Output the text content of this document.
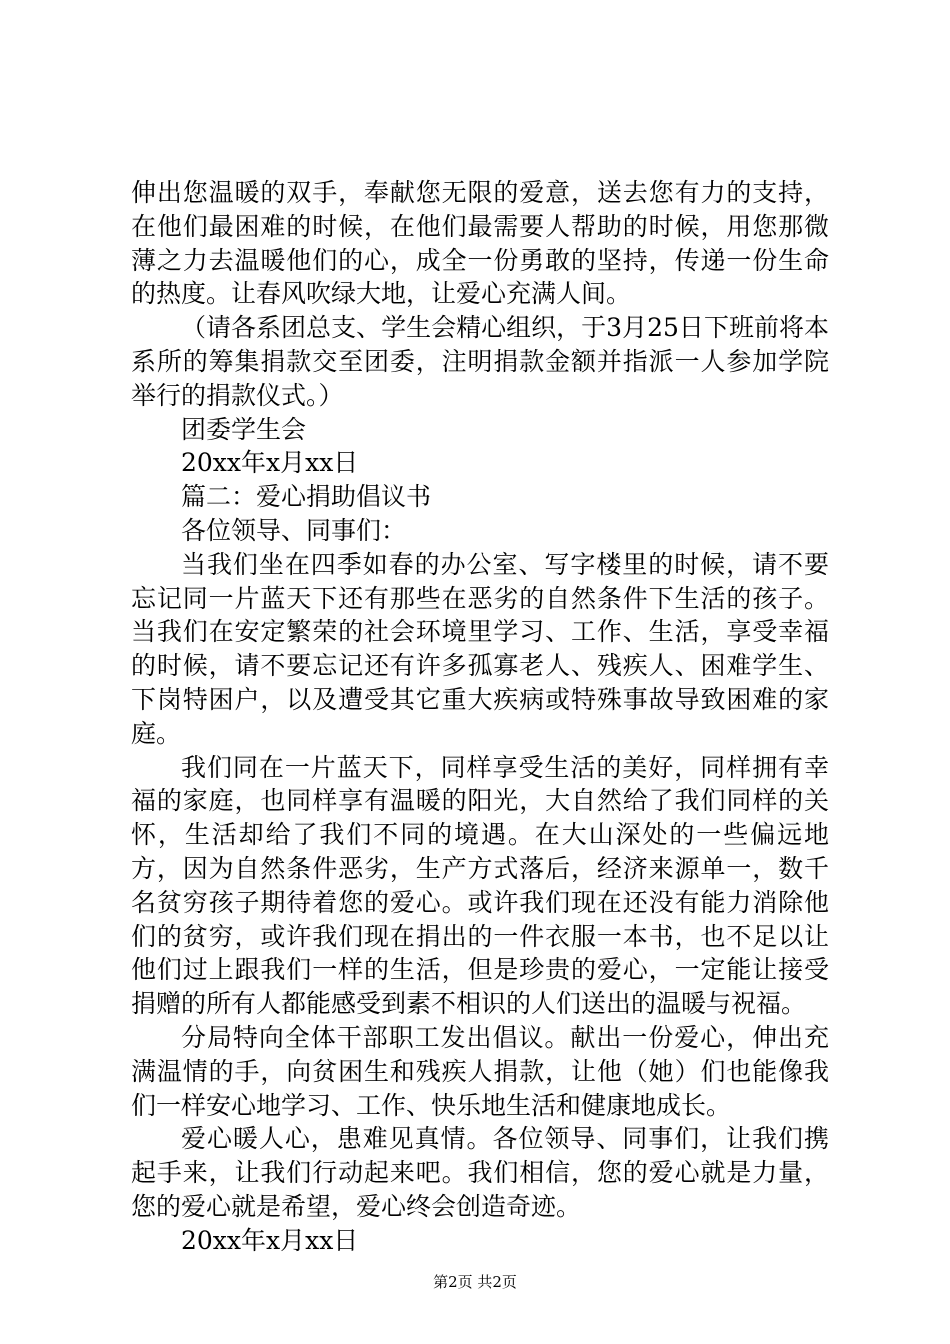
伸出您温暖的双手，奉献您无限的爱意，送去您有力的支持，在他们最困难的时候，在他们最需要人帮助的时候，用您那微薄之力去温暖他们的心，成全一份勇敢的坚持，传递一份生命的热度。让春风吹绿大地，让爱心充满人间。

（请各系团总支、学生会精心组织，于3月25日下班前将本系所的筹集捐款交至团委，注明捐款金额并指派一人参加学院举行的捐款仪式。）

团委学生会

20xx年x月xx日

篇二：爱心捐助倡议书

各位领导、同事们：

当我们坐在四季如春的办公室、写字楼里的时候，请不要忘记同一片蓝天下还有那些在恶劣的自然条件下生活的孩子。当我们在安定繁荣的社会环境里学习、工作、生活，享受幸福的时候，请不要忘记还有许多孤寡老人、残疾人、困难学生、下岗特困户，以及遭受其它重大疾病或特殊事故导致困难的家庭。

我们同在一片蓝天下，同样享受生活的美好，同样拥有幸福的家庭，也同样享有温暖的阳光，大自然给了我们同样的关怀，生活却给了我们不同的境遇。在大山深处的一些偏远地方，因为自然条件恶劣，生产方式落后，经济来源单一，数千名贫穷孩子期待着您的爱心。或许我们现在还没有能力消除他们的贫穷，或许我们现在捐出的一件衣服一本书，也不足以让他们过上跟我们一样的生活，但是珍贵的爱心，一定能让接受捐赠的所有人都能感受到素不相识的人们送出的温暖与祝福。

分局特向全体干部职工发出倡议。献出一份爱心，伸出充满温情的手，向贫困生和残疾人捐款，让他（她）们也能像我们一样安心地学习、工作、快乐地生活和健康地成长。

爱心暖人心，患难见真情。各位领导、同事们，让我们携起手来，让我们行动起来吧。我们相信，您的爱心就是力量，您的爱心就是希望，爱心终会创造奇迹。

20xx年x月xx日

第2页 共2页
